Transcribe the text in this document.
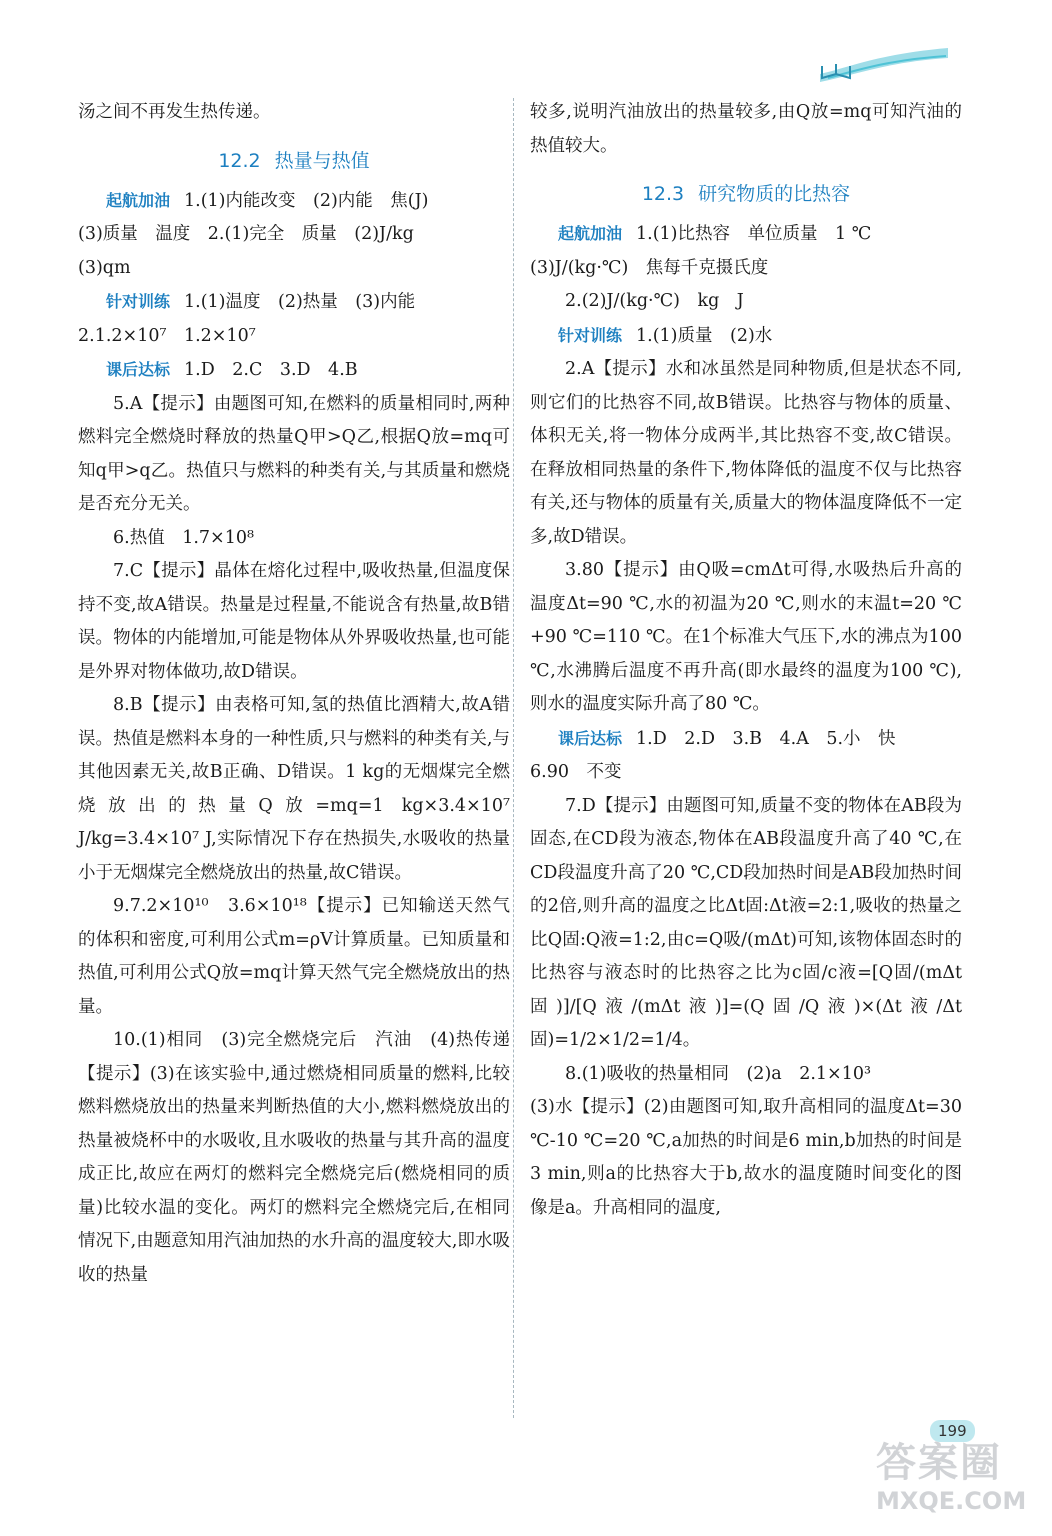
汤之间不再发生热传递。

12.2 热量与热值

起航加油 1.(1)内能改变　(2)内能　焦(J)

(3)质量　温度　2.(1)完全　质量　(2)J/kg

(3)qm

针对训练 1.(1)温度　(2)热量　(3)内能

2.1.2×10⁷　1.2×10⁷

课后达标 1.D　2.C　3.D　4.B

5.A【提示】由题图可知,在燃料的质量相同时,两种燃料完全燃烧时释放的热量Q甲>Q乙,根据Q放=mq可知q甲>q乙。热值只与燃料的种类有关,与其质量和燃烧是否充分无关。

6.热值　1.7×10⁸

7.C【提示】晶体在熔化过程中,吸收热量,但温度保持不变,故A错误。热量是过程量,不能说含有热量,故B错误。物体的内能增加,可能是物体从外界吸收热量,也可能是外界对物体做功,故D错误。

8.B【提示】由表格可知,氢的热值比酒精大,故A错误。热值是燃料本身的一种性质,只与燃料的种类有关,与其他因素无关,故B正确、D错误。1 kg的无烟煤完全燃烧放出的热量Q放=mq=1 kg×3.4×10⁷ J/kg=3.4×10⁷ J,实际情况下存在热损失,水吸收的热量小于无烟煤完全燃烧放出的热量,故C错误。

9.7.2×10¹⁰　3.6×10¹⁸【提示】已知输送天然气的体积和密度,可利用公式m=ρV计算质量。已知质量和热值,可利用公式Q放=mq计算天然气完全燃烧放出的热量。

10.(1)相同　(3)完全燃烧完后　汽油　(4)热传递【提示】(3)在该实验中,通过燃烧相同质量的燃料,比较燃料燃烧放出的热量来判断热值的大小,燃料燃烧放出的热量被烧杯中的水吸收,且水吸收的热量与其升高的温度成正比,故应在两灯的燃料完全燃烧完后(燃烧相同的质量)比较水温的变化。两灯的燃料完全燃烧完后,在相同情况下,由题意知用汽油加热的水升高的温度较大,即水吸收的热量

较多,说明汽油放出的热量较多,由Q放=mq可知汽油的热值较大。

12.3 研究物质的比热容

起航加油 1.(1)比热容　单位质量　1 ℃

(3)J/(kg·℃)　焦每千克摄氏度

2.(2)J/(kg·℃)　kg　J

针对训练 1.(1)质量　(2)水

2.A【提示】水和冰虽然是同种物质,但是状态不同,则它们的比热容不同,故B错误。比热容与物体的质量、体积无关,将一物体分成两半,其比热容不变,故C错误。在释放相同热量的条件下,物体降低的温度不仅与比热容有关,还与物体的质量有关,质量大的物体温度降低不一定多,故D错误。

3.80【提示】由Q吸=cmΔt可得,水吸热后升高的温度Δt=90 ℃,水的初温为20 ℃,则水的末温t=20 ℃+90 ℃=110 ℃。在1个标准大气压下,水的沸点为100 ℃,水沸腾后温度不再升高(即水最终的温度为100 ℃),则水的温度实际升高了80 ℃。

课后达标 1.D　2.D　3.B　4.A　5.小　快

6.90　不变

7.D【提示】由题图可知,质量不变的物体在AB段为固态,在CD段为液态,物体在AB段温度升高了40 ℃,在CD段温度升高了20 ℃,CD段加热时间是AB段加热时间的2倍,则升高的温度之比Δt固:Δt液=2:1,吸收的热量之比Q固:Q液=1:2,由c=Q吸/(mΔt)可知,该物体固态时的比热容与液态时的比热容之比为c固/c液=[Q固/(mΔt固)]/[Q液/(mΔt液)]=(Q固/Q液)×(Δt液/Δt固)=1/2×1/2=1/4。

8.(1)吸收的热量相同　(2)a　2.1×10³

(3)水【提示】(2)由题图可知,取升高相同的温度Δt=30 ℃-10 ℃=20 ℃,a加热的时间是6 min,b加热的时间是3 min,则a的比热容大于b,故水的温度随时间变化的图像是a。升高相同的温度,

199
答案圈
MXQE.COM
